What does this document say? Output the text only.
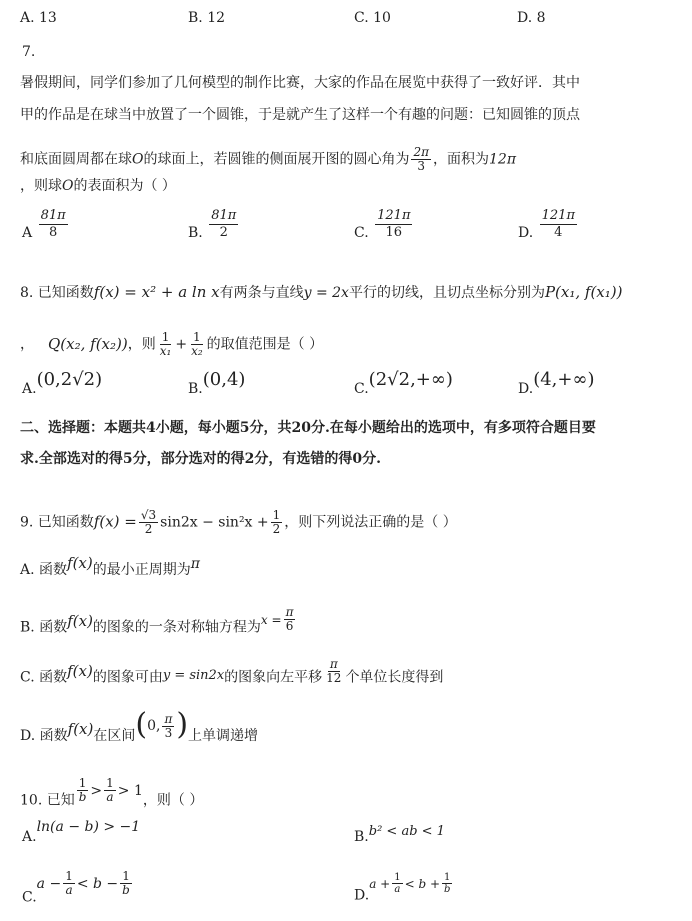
A. 13	B. 12	C. 10	D. 8
7.
暑假期间，同学们参加了几何模型的制作比赛，大家的作品在展览中获得了一致好评．其中
甲的作品是在球当中放置了一个圆锥，于是就产生了这样一个有趣的问题：已知圆锥的顶点
和底面圆周都在球O的球面上，若圆锥的侧面展开图的圆心角为 $\frac{2\pi}{3}$ ，面积为12π
，则球O的表面积为（ ）
A $\frac{81\pi}{8}$	B. $\frac{81\pi}{2}$	C. $\frac{121\pi}{16}$	D. $\frac{121\pi}{4}$
8. 已知函数f(x) = x² + a ln x有两条与直线y = 2x平行的切线，且切点坐标分别为P(x₁, f(x₁))
， Q(x₂, f(x₂))，则 $\frac{1}{\text{x₁}} + \frac{1}{\text{x₂}}$ 的取值范围是（ ）
A.(0,2√2)	B.(0,4)	C.(2√2,+∞)	D.(4,+∞)
二、选择题：本题共4小题，每小题5分，共20分.在每小题给出的选项中，有多项符合题目要
求.全部选对的得5分，部分选对的得2分，有选错的得0分.
9. 已知函数$f(x) = \frac{√3}{2} \sin 2x - \sin^2x + \frac{1}{2}$ ，则下列说法正确的是（ ）
A. 函数f(x)的最小正周期为π
B. 函数f(x)的图象的一条对称轴方程为$x = \frac{\pi}{6}$
C. 函数f(x)的图象可由y = sin2x的图象向左平移 $\frac{\pi}{12}$ 个单位长度得到
D. 函数f(x)在区间(0, $\frac{\pi}{3}$ )上单调递增
10. 已知 $\frac{1}{b} > \frac{1}{a} > 1$，则（ ）
A.ln(a − b) > −1
B.b² < ab < 1
$C.a - \frac{1}{a} < b - \frac{1}{b}$	$D.a + \frac{1}{a} < b + \frac{1}{b}$
